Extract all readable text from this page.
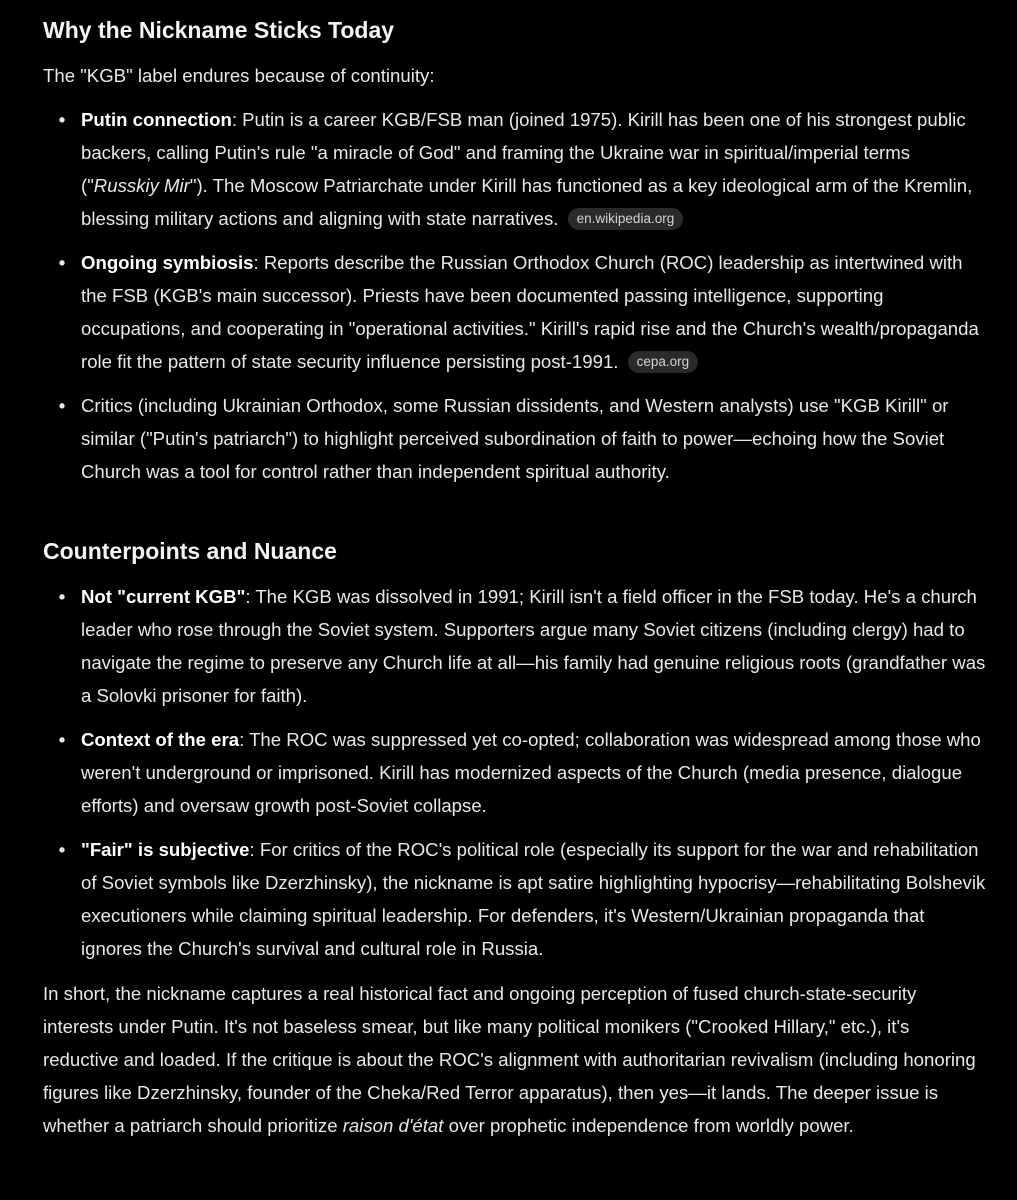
Why the Nickname Sticks Today

The "KGB" label endures because of continuity:

• Putin connection: Putin is a career KGB/FSB man (joined 1975). Kirill has been one of his strongest public backers, calling Putin's rule "a miracle of God" and framing the Ukraine war in spiritual/imperial terms ("Russkiy Mir"). The Moscow Patriarchate under Kirill has functioned as a key ideological arm of the Kremlin, blessing military actions and aligning with state narratives. en.wikipedia.org
• Ongoing symbiosis: Reports describe the Russian Orthodox Church (ROC) leadership as intertwined with the FSB (KGB's main successor). Priests have been documented passing intelligence, supporting occupations, and cooperating in "operational activities." Kirill's rapid rise and the Church's wealth/propaganda role fit the pattern of state security influence persisting post-1991. cepa.org
• Critics (including Ukrainian Orthodox, some Russian dissidents, and Western analysts) use "KGB Kirill" or similar ("Putin's patriarch") to highlight perceived subordination of faith to power—echoing how the Soviet Church was a tool for control rather than independent spiritual authority.
Counterpoints and Nuance
• Not "current KGB": The KGB was dissolved in 1991; Kirill isn't a field officer in the FSB today. He's a church leader who rose through the Soviet system. Supporters argue many Soviet citizens (including clergy) had to navigate the regime to preserve any Church life at all—his family had genuine religious roots (grandfather was a Solovki prisoner for faith).
• Context of the era: The ROC was suppressed yet co-opted; collaboration was widespread among those who weren't underground or imprisoned. Kirill has modernized aspects of the Church (media presence, dialogue efforts) and oversaw growth post-Soviet collapse.
• "Fair" is subjective: For critics of the ROC's political role (especially its support for the war and rehabilitation of Soviet symbols like Dzerzhinsky), the nickname is apt satire highlighting hypocrisy—rehabilitating Bolshevik executioners while claiming spiritual leadership. For defenders, it's Western/Ukrainian propaganda that ignores the Church's survival and cultural role in Russia.

In short, the nickname captures a real historical fact and ongoing perception of fused church-state-security interests under Putin. It's not baseless smear, but like many political monikers ("Crooked Hillary," etc.), it's reductive and loaded. If the critique is about the ROC's alignment with authoritarian revivalism (including honoring figures like Dzerzhinsky, founder of the Cheka/Red Terror apparatus), then yes—it lands. The deeper issue is whether a patriarch should prioritize raison d'état over prophetic independence from worldly power.
